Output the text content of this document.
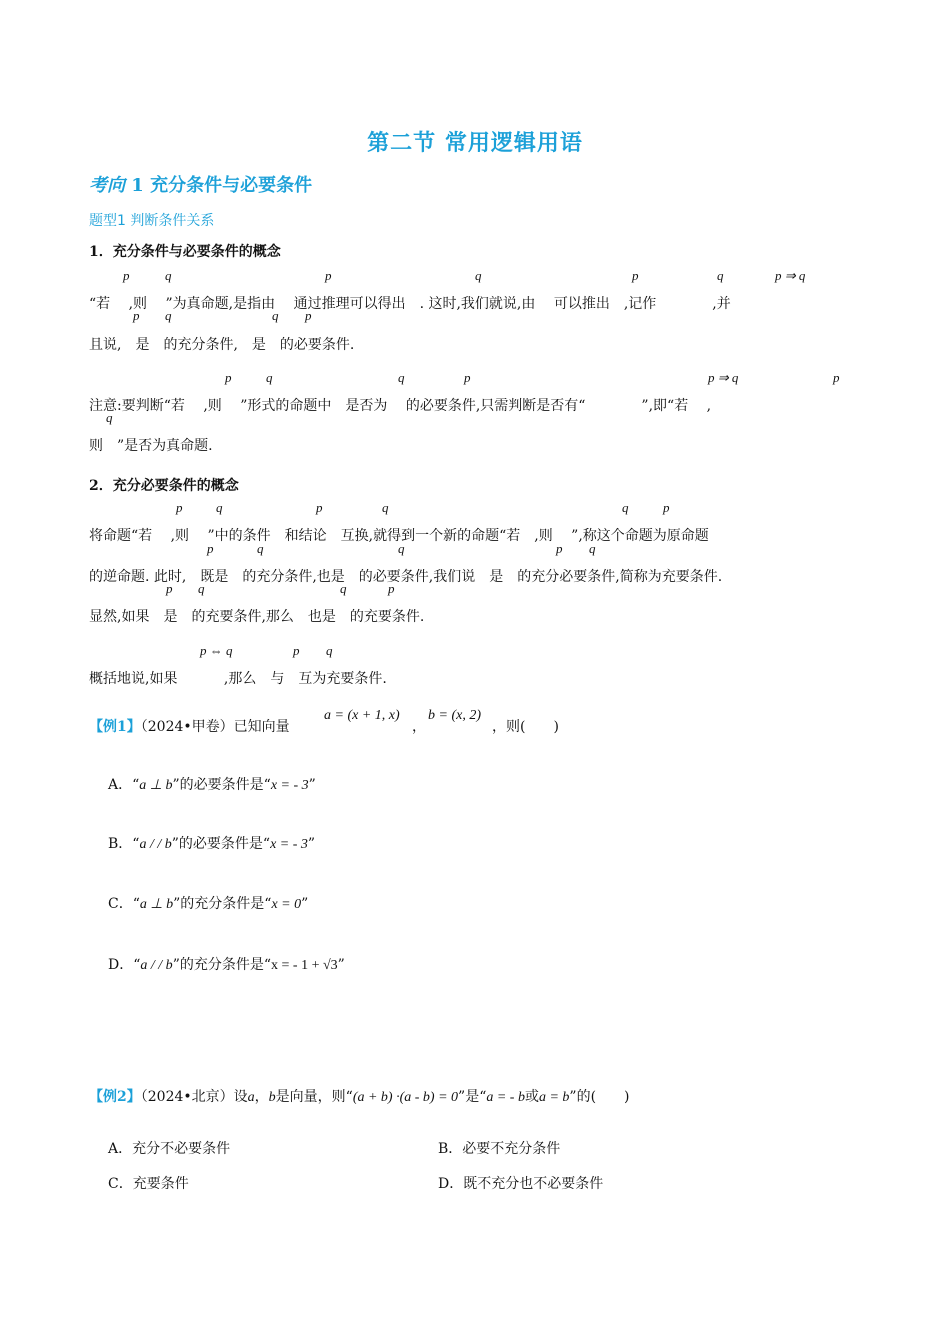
第二节 常用逻辑用语
考向 1 充分条件与必要条件
题型1 判断条件关系
1．充分条件与必要条件的概念
p	q	p	q	p	q	p ⇒ q
“若　 ,则　 ”为真命题,是指由　 通过推理可以得出　. 这时,我们就说,由　 可以推出　,记作　　　　,并
p q	q p
且说,　是　的充分条件,　是　的必要条件.
p	q	q	p	p ⇒ q	p
注意:要判断“若　 ,则　 ”形式的命题中　是否为　 的必要条件,只需判断是否有“　　　　”,即“若　 ,
q
则　”是否为真命题.
2．充分必要条件的概念
p	q	p	q	q	p
将命题“若　 ,则　 ”中的条件　和结论　互换,就得到一个新的命题“若　,则　 ”,称这个命题为原命题
p	q	q	p q
的逆命题. 此时,　既是　的充分条件,也是　的必要条件,我们说　是　的充分必要条件,简称为充要条件.
p q	q	p
显然,如果　是　的充要条件,那么　也是　的充要条件.
p ⇔ q	p q
概括地说,如果　　　 ,那么　与　互为充要条件.
【例1】（2024•甲卷）已知向量
a = (x + 1, x)
，
b = (x, 2)
，则(　　)
A．“a ⊥ b”的必要条件是“x = - 3”
B．“a / / b”的必要条件是“x = - 3”
C．“a ⊥ b”的充分条件是“x = 0”
D．“a / / b”的充分条件是“x = - 1 + √3”
【例2】（2024•北京）设a，b是向量，则“(a + b) ·(a - b) = 0”是“a = - b或a = b”的(　　)
A．充分不必要条件	B．必要不充分条件
C．充要条件	D．既不充分也不必要条件
